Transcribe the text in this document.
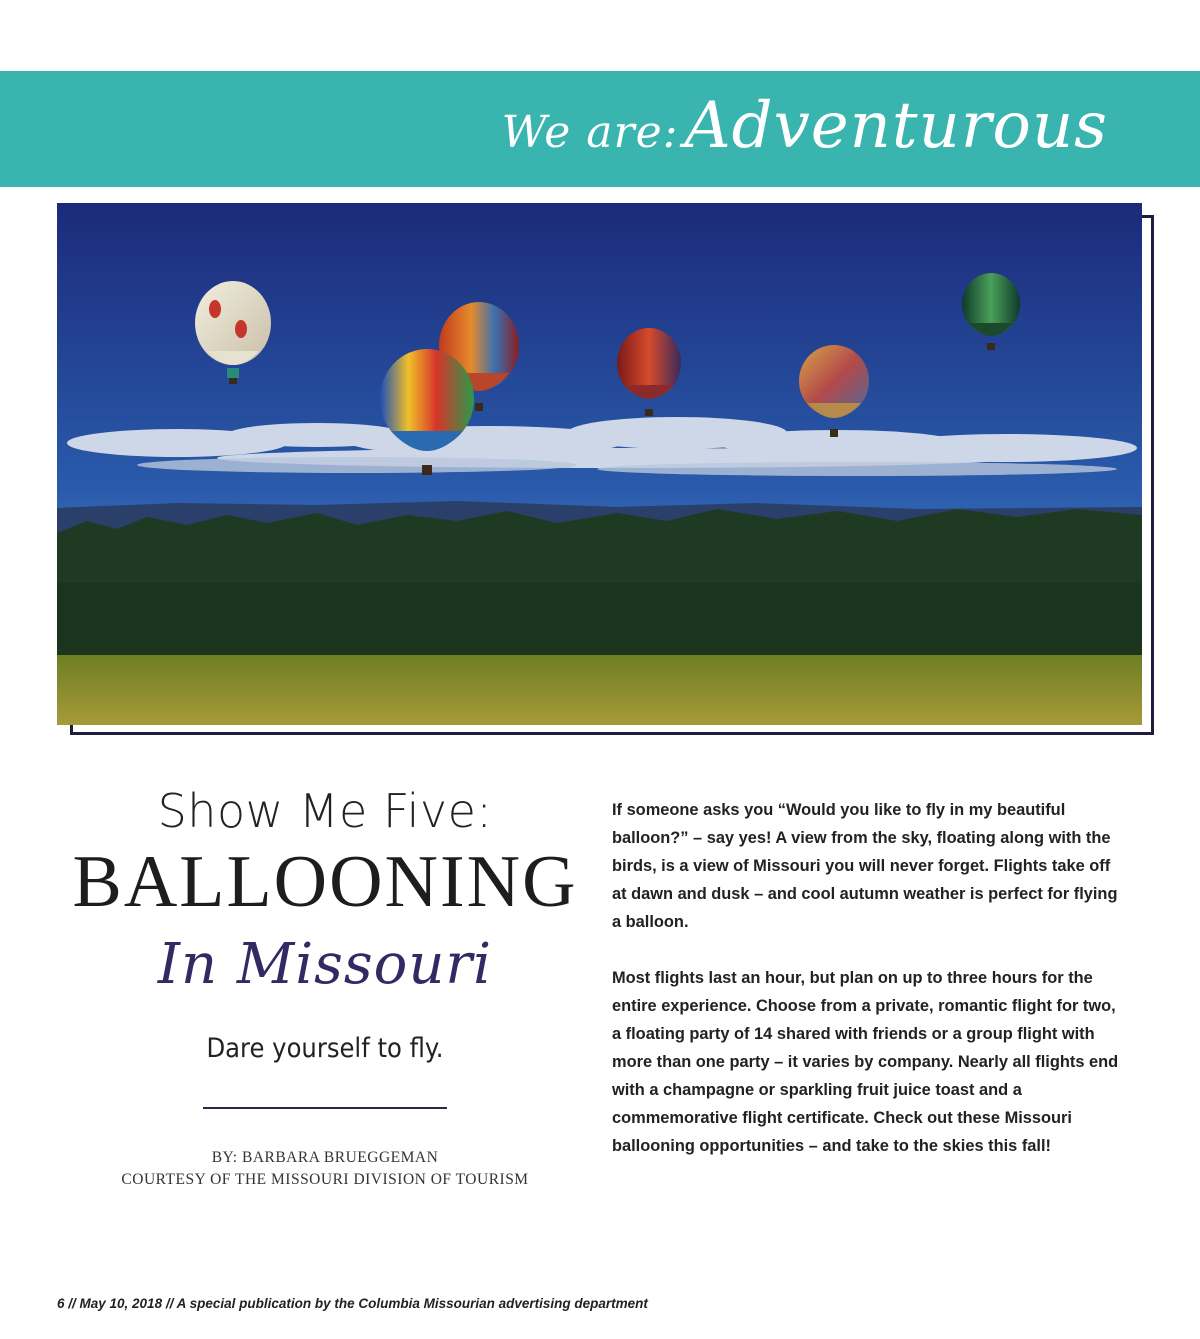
We are:Adventurous
Show Me Five:
BALLOONING
In Missouri
Dare yourself to fly.
BY: BARBARA BRUEGGEMAN
COURTESY OF THE MISSOURI DIVISION OF TOURISM

If someone asks you “Would you like to fly in my beautiful balloon?” – say yes! A view from the sky, floating along with the birds, is a view of Missouri you will never forget. Flights take off at dawn and dusk – and cool autumn weather is perfect for flying a balloon.

Most flights last an hour, but plan on up to three hours for the entire experience. Choose from a private, romantic flight for two, a floating party of 14 shared with friends or a group flight with more than one party – it varies by company. Nearly all flights end with a champagne or sparkling fruit juice toast and a commemorative flight certificate. Check out these Missouri ballooning opportunities – and take to the skies this fall!

6 // May 10, 2018 // A special publication by the Columbia Missourian advertising department
